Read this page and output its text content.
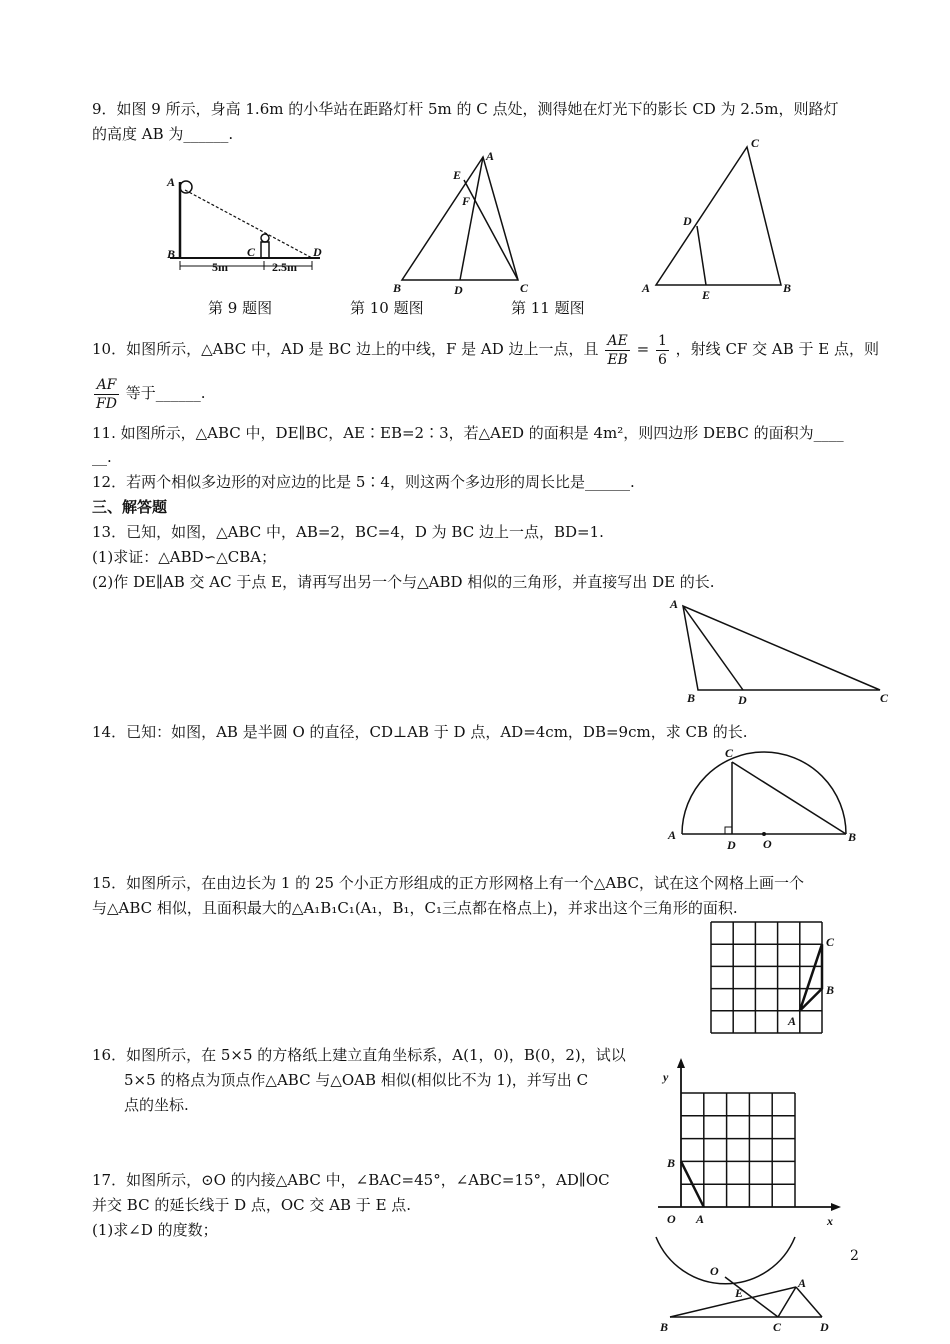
9．如图 9 所示，身高 1.6m 的小华站在距路灯杆 5m 的 C 点处，测得她在灯光下的影长 CD 为 2.5m，则路灯
的高度 AB 为______.
A
B	C	D
5m	2.5m
第 9 题图
A
B	C
D
E
F
第 10 题图
C
A	B
D
E
第 11 题图
10．如图所示，△ABC 中，AD 是 BC 边上的中线，F 是 AD 边上一点，且 $\frac{AE}{EB} = \frac{1}{6}$ ，射线 CF 交 AB 于 E 点，则
$\frac{AF}{FD}$ 等于______.
11. 如图所示，△ABC 中，DE∥BC，AE∶EB=2∶3，若△AED 的面积是 4m²，则四边形 DEBC 的面积为____
__.
12．若两个相似多边形的对应边的比是 5∶4，则这两个多边形的周长比是______.
三、解答题
13．已知，如图，△ABC 中，AB=2，BC=4，D 为 BC 边上一点，BD=1.
(1)求证：△ABD∽△CBA；
(2)作 DE∥AB 交 AC 于点 E，请再写出另一个与△ABD 相似的三角形，并直接写出 DE 的长.
A
B	D	C
14．已知：如图，AB 是半圆 O 的直径，CD⊥AB 于 D 点，AD=4cm，DB=9cm，求 CB 的长.
A	B
C
D O
15．如图所示，在由边长为 1 的 25 个小正方形组成的正方形网格上有一个△ABC，试在这个网格上画一个
与△ABC 相似，且面积最大的△A₁B₁C₁(A₁，B₁，C₁三点都在格点上)，并求出这个三角形的面积.
A
B
C
16．如图所示，在 5×5 的方格纸上建立直角坐标系，A(1，0)，B(0，2)，试以
5×5 的格点为顶点作△ABC 与△OAB 相似(相似比不为 1)，并写出 C
点的坐标.
y
x
O A
B
17．如图所示，⊙O 的内接△ABC 中，∠BAC=45°，∠ABC=15°，AD∥OC
并交 BC 的延长线于 D 点，OC 交 AB 于 E 点.
(1)求∠D 的度数；
O
A
B	C	D
E
2
